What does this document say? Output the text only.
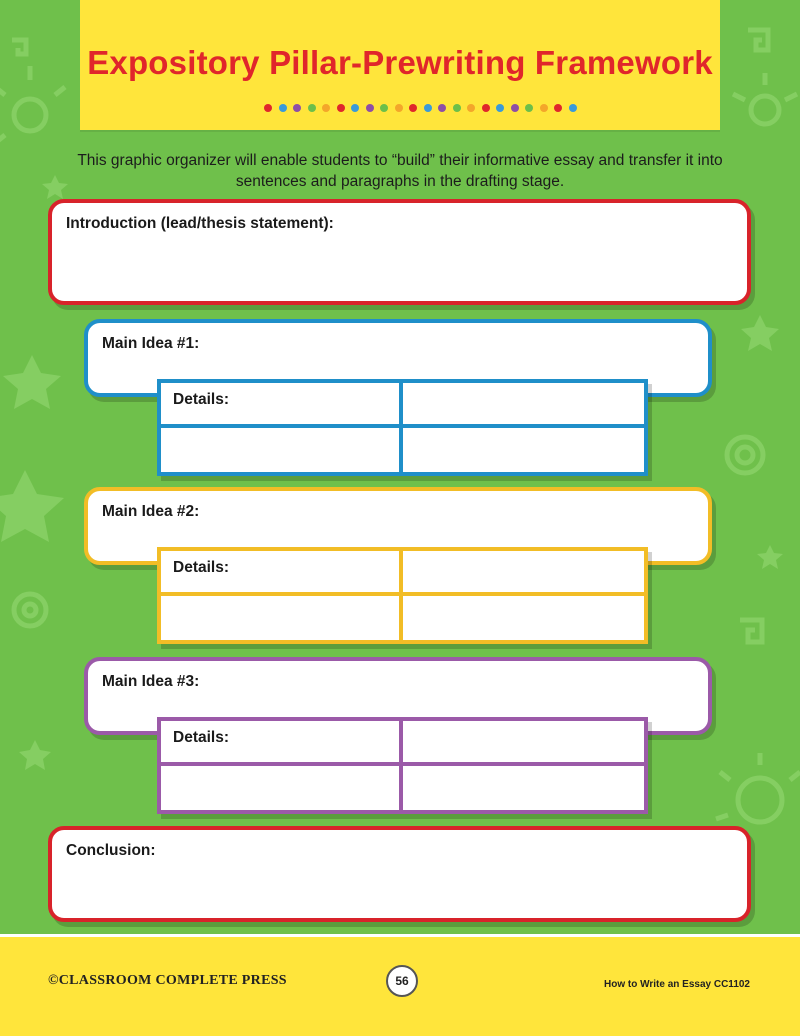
Expository Pillar-Prewriting Framework
This graphic organizer will enable students to “build” their informative essay and transfer it into sentences and paragraphs in the drafting stage.
Introduction (lead/thesis statement):
Main Idea #1:
Details:
Main Idea #2:
Details:
Main Idea #3:
Details:
Conclusion:
©CLASSROOM COMPLETE PRESS	56	How to Write an Essay CC1102
